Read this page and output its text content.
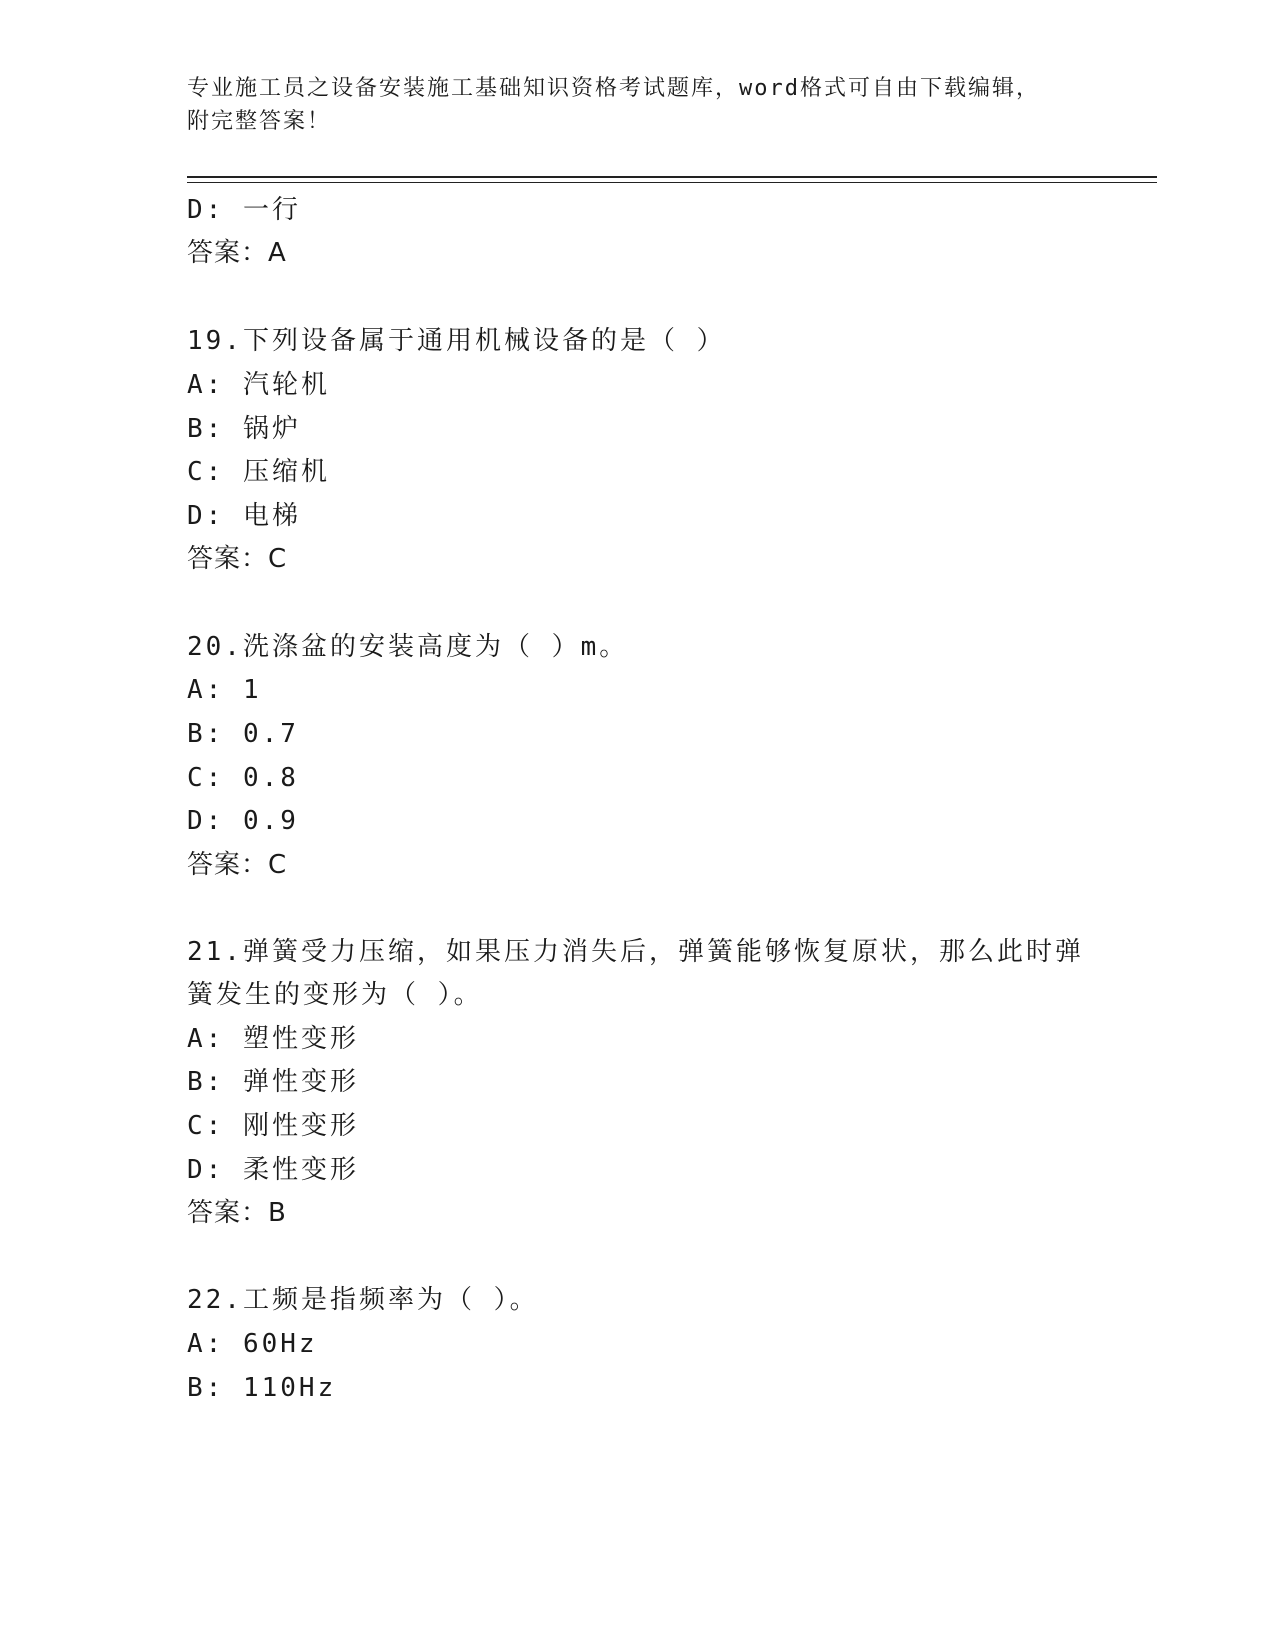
专业施工员之设备安装施工基础知识资格考试题库，word格式可自由下载编辑，
附完整答案！
D: 一行
答案：A
19.下列设备属于通用机械设备的是（ ）
A: 汽轮机
B: 锅炉
C: 压缩机
D: 电梯
答案：C
20.洗涤盆的安装高度为（ ）m。
A: 1
B: 0.7
C: 0.8
D: 0.9
答案：C
21.弹簧受力压缩，如果压力消失后，弹簧能够恢复原状，那么此时弹
簧发生的变形为（ ）。
A: 塑性变形
B: 弹性变形
C: 刚性变形
D: 柔性变形
答案：B
22.工频是指频率为（ ）。
A: 60Hz
B: 110Hz
